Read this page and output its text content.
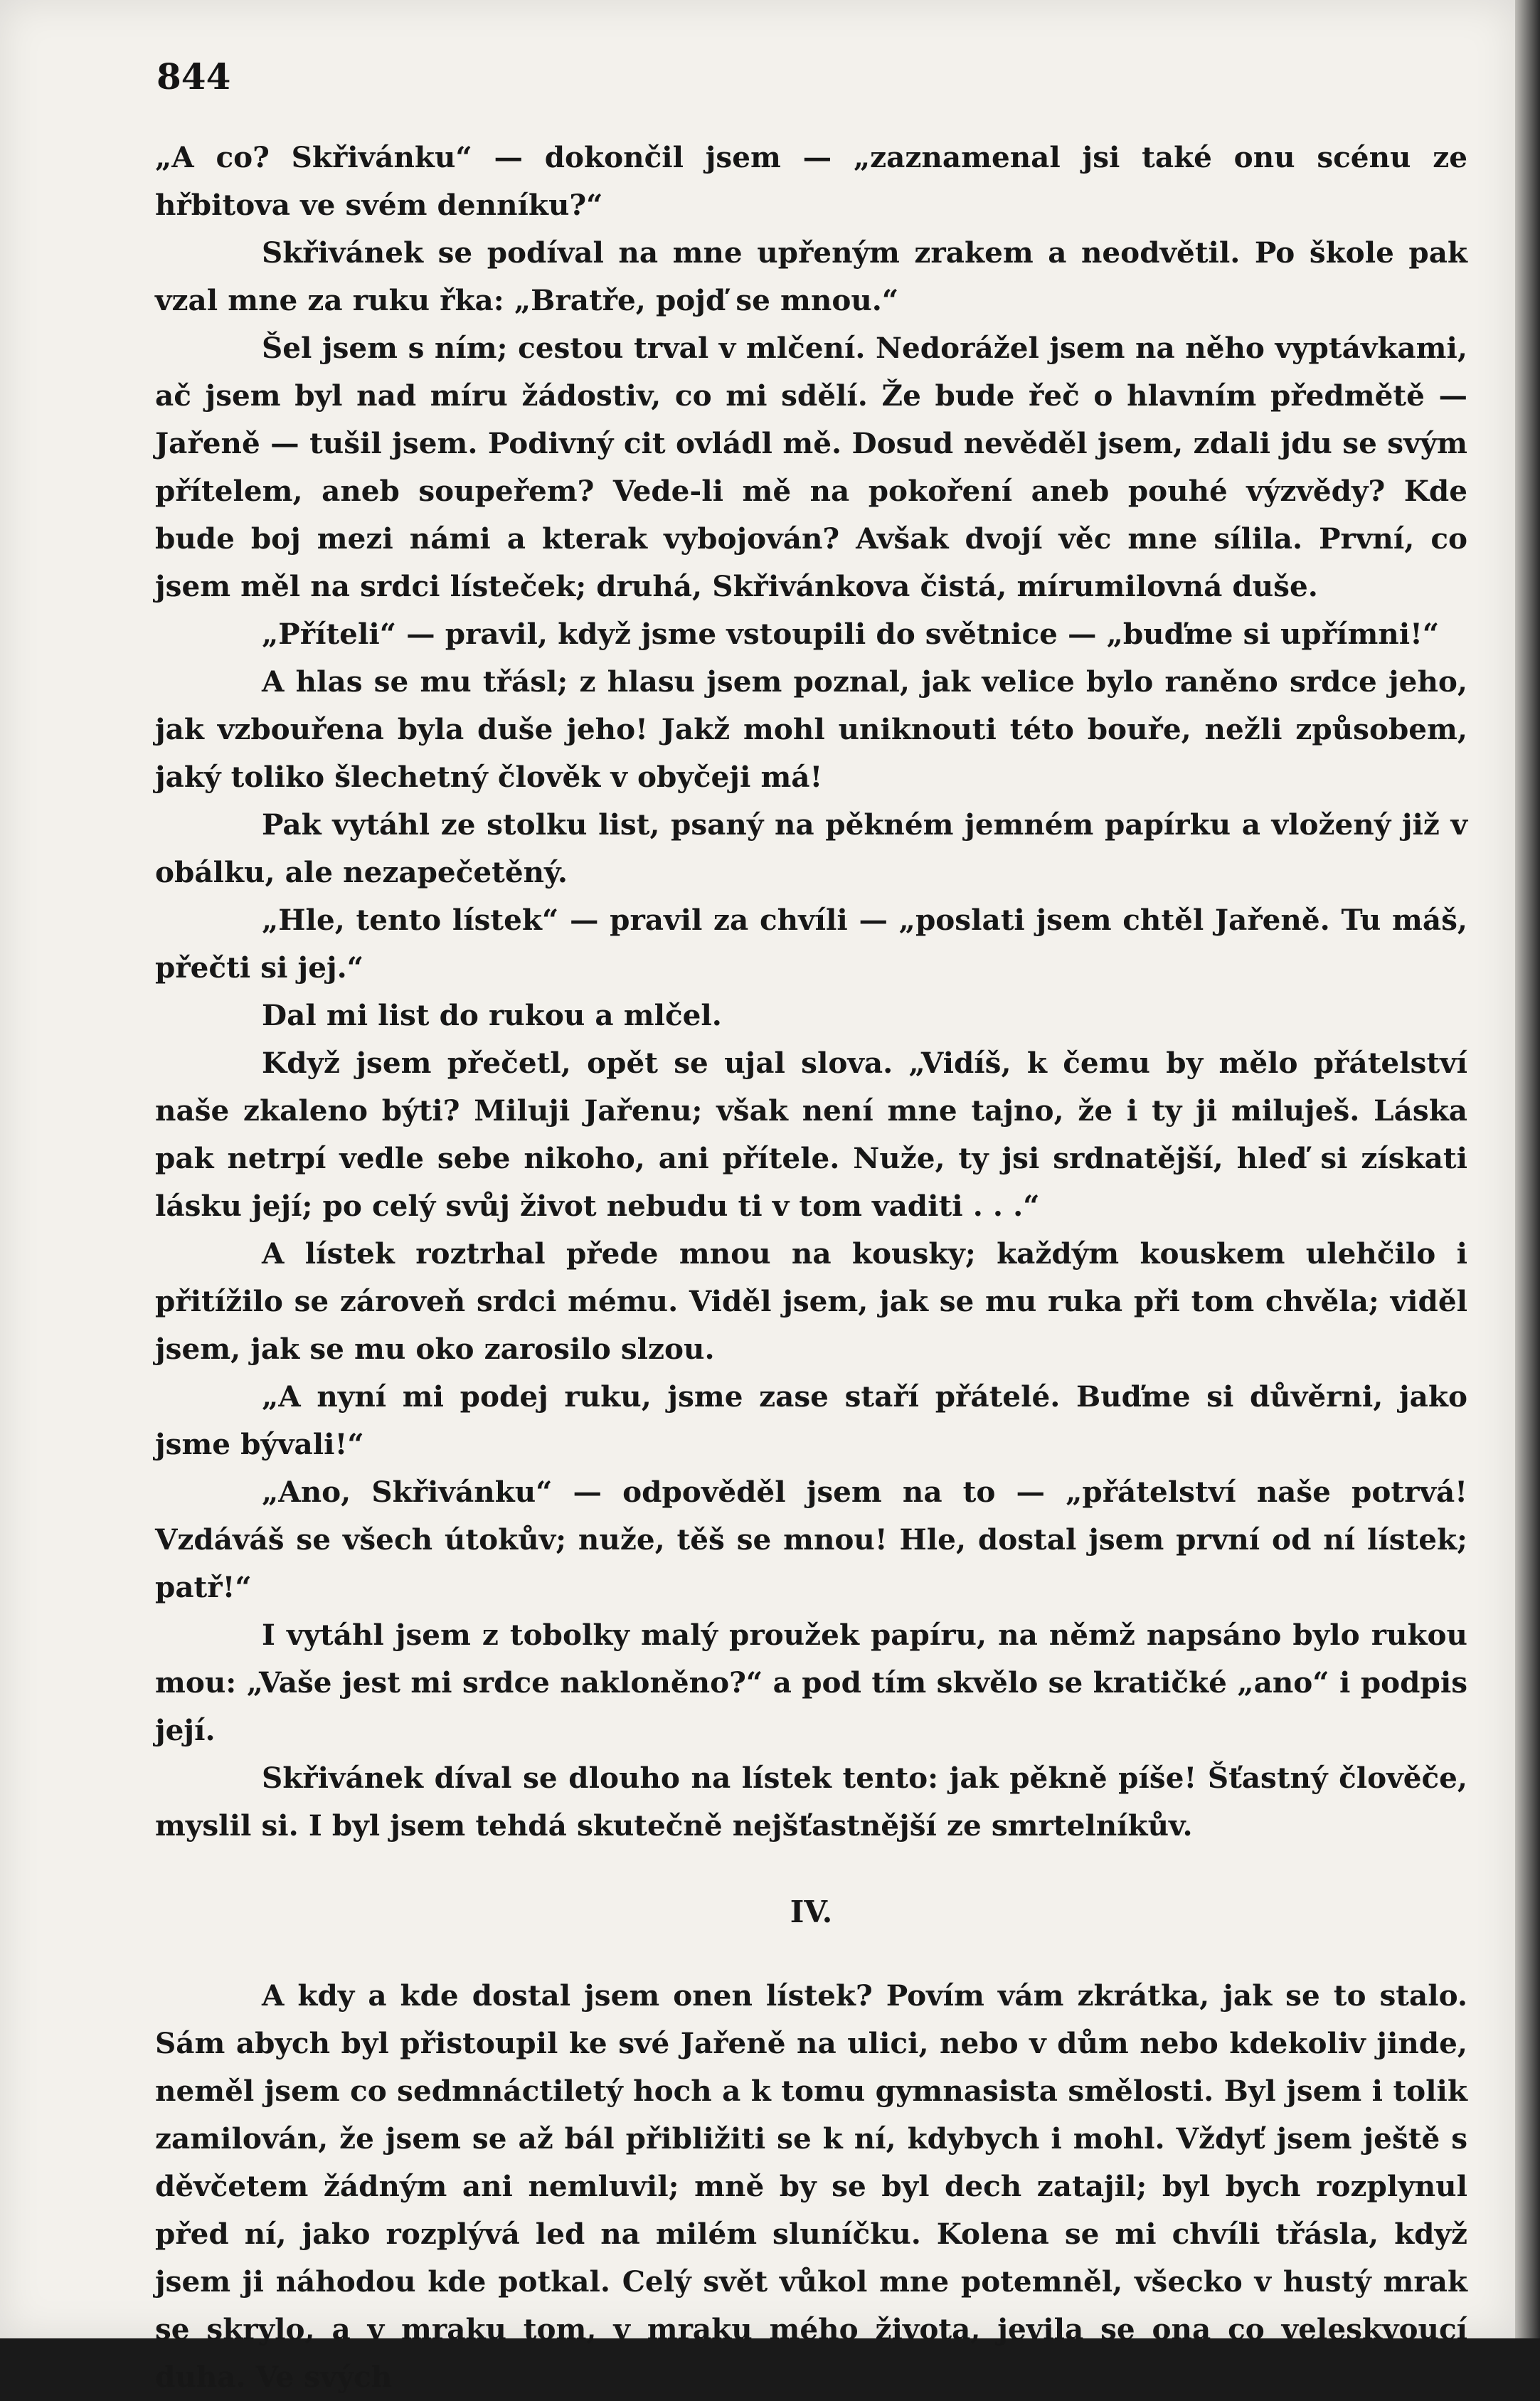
844

„A co? Skřivánku“ — dokončil jsem — „zaznamenal jsi také onu scénu ze hřbitova ve svém denníku?“

Skřivánek se podíval na mne upřeným zrakem a neodvětil. Po škole pak vzal mne za ruku řka: „Bratře, pojď se mnou.“

Šel jsem s ním; cestou trval v mlčení. Nedorážel jsem na něho vyptávkami, ač jsem byl nad míru žádostiv, co mi sdělí. Že bude řeč o hlavním předmětě — Jařeně — tušil jsem. Podivný cit ovládl mě. Dosud nevěděl jsem, zdali jdu se svým přítelem, aneb soupeřem? Vede-li mě na pokoření aneb pouhé výzvědy? Kde bude boj mezi námi a kterak vybojován? Avšak dvojí věc mne sílila. První, co jsem měl na srdci lísteček; druhá, Skřivánkova čistá, mírumilovná duše.

„Příteli“ — pravil, když jsme vstoupili do světnice — „buďme si upřímni!“

A hlas se mu třásl; z hlasu jsem poznal, jak velice bylo raněno srdce jeho, jak vzbouřena byla duše jeho! Jakž mohl uniknouti této bouře, nežli způsobem, jaký toliko šlechetný člověk v obyčeji má!

Pak vytáhl ze stolku list, psaný na pěkném jemném papírku a vložený již v obálku, ale nezapečetěný.

„Hle, tento lístek“ — pravil za chvíli — „poslati jsem chtěl Jařeně. Tu máš, přečti si jej.“

Dal mi list do rukou a mlčel.

Když jsem přečetl, opět se ujal slova. „Vidíš, k čemu by mělo přátelství naše zkaleno býti? Miluji Jařenu; však není mne tajno, že i ty ji miluješ. Láska pak netrpí vedle sebe nikoho, ani přítele. Nuže, ty jsi srdnatější, hleď si získati lásku její; po celý svůj život nebudu ti v tom vaditi . . .“

A lístek roztrhal přede mnou na kousky; každým kouskem ulehčilo i přitížilo se zároveň srdci mému. Viděl jsem, jak se mu ruka při tom chvěla; viděl jsem, jak se mu oko zarosilo slzou.

„A nyní mi podej ruku, jsme zase staří přátelé. Buďme si důvěrni, jako jsme bývali!“

„Ano, Skřivánku“ — odpověděl jsem na to — „přátelství naše potrvá! Vzdáváš se všech útokův; nuže, těš se mnou! Hle, dostal jsem první od ní lístek; patř!“

I vytáhl jsem z tobolky malý proužek papíru, na němž napsáno bylo rukou mou: „Vaše jest mi srdce nakloněno?“ a pod tím skvělo se kratičké „ano“ i podpis její.

Skřivánek díval se dlouho na lístek tento: jak pěkně píše! Šťastný člověče, myslil si. I byl jsem tehdá skutečně nejšťastnější ze smrtelníkův.

IV.

A kdy a kde dostal jsem onen lístek? Povím vám zkrátka, jak se to stalo. Sám abych byl přistoupil ke své Jařeně na ulici, nebo v dům nebo kdekoliv jinde, neměl jsem co sedmnáctiletý hoch a k tomu gymnasista smělosti. Byl jsem i tolik zamilován, že jsem se až bál přibližiti se k ní, kdybych i mohl. Vždyť jsem ještě s děvčetem žádným ani nemluvil; mně by se byl dech zatajil; byl bych rozplynul před ní, jako rozplývá led na milém sluníčku. Kolena se mi chvíli třásla, když jsem ji náhodou kde potkal. Celý svět vůkol mne potemněl, všecko v hustý mrak se skrylo, a v mraku tom, v mraku mého života, jevila se ona co veleskvoucí duha. Ve svých
